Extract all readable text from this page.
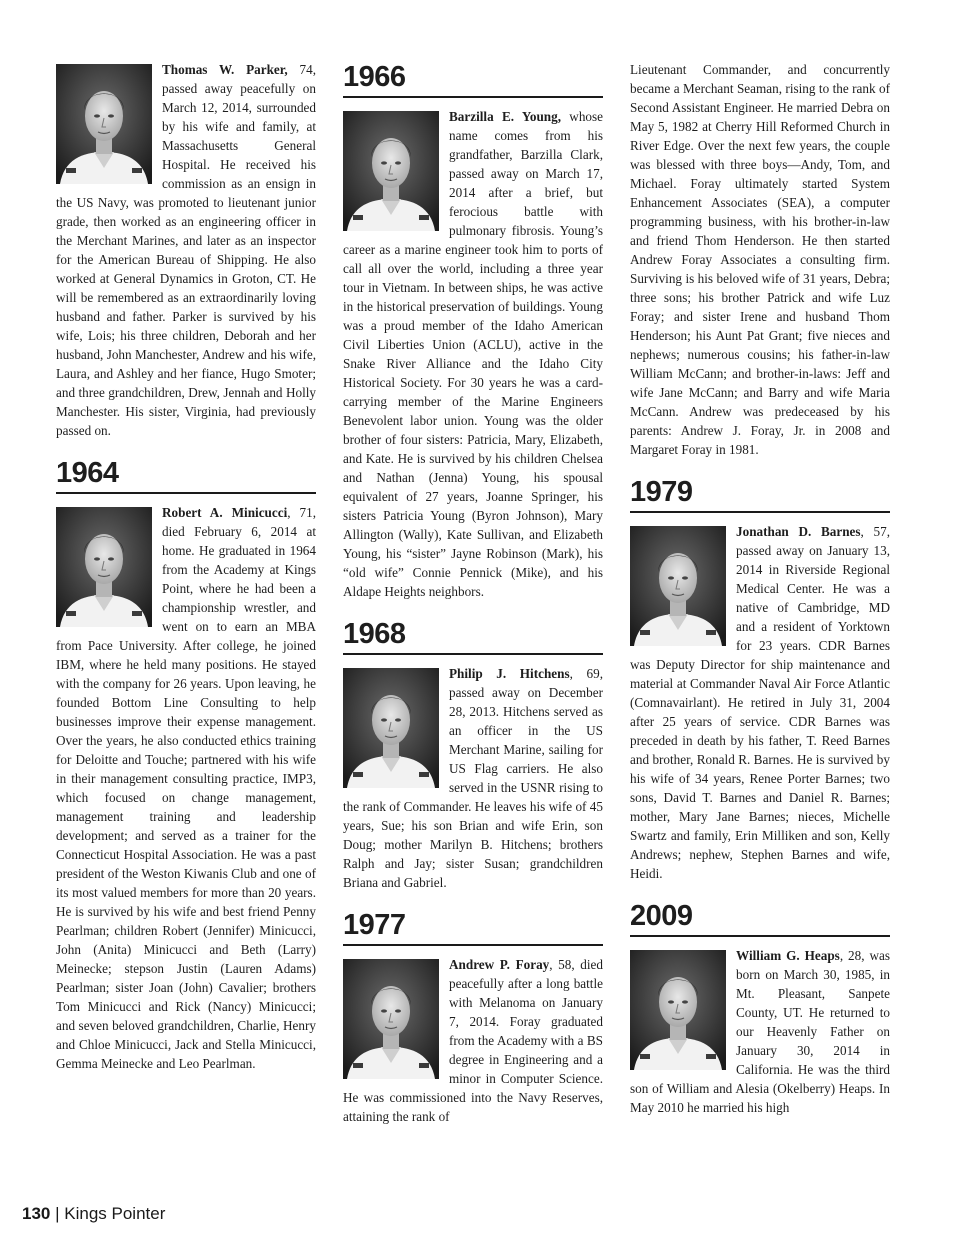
Thomas W. Parker, 74, passed away peacefully on March 12, 2014, surrounded by his wife and family, at Massachusetts General Hospital. He received his commission as an ensign in the US Navy, was promoted to lieutenant junior grade, then worked as an engineering officer in the Merchant Marines, and later as an inspector for the American Bureau of Shipping. He also worked at General Dynamics in Groton, CT. He will be remembered as an extraordinarily loving husband and father. Parker is survived by his wife, Lois; his three children, Deborah and her husband, John Manchester, Andrew and his wife, Laura, and Ashley and her fiance, Hugo Smoter; and three grandchildren, Drew, Jennah and Holly Manchester. His sister, Virginia, had previously passed on.

1964

Robert A. Minicucci, 71, died February 6, 2014 at home. He graduated in 1964 from the Academy at Kings Point, where he had been a championship wrestler, and went on to earn an MBA from Pace University. After college, he joined IBM, where he held many positions. He stayed with the company for 26 years. Upon leaving, he founded Bottom Line Consulting to help businesses improve their expense management. Over the years, he also conducted ethics training for Deloitte and Touche; partnered with his wife in their management consulting practice, IMP3, which focused on change management, management training and leadership development; and served as a trainer for the Connecticut Hospital Association. He was a past president of the Weston Kiwanis Club and one of its most valued members for more than 20 years. He is survived by his wife and best friend Penny Pearlman; children Robert (Jennifer) Minicucci, John (Anita) Minicucci and Beth (Larry) Meinecke; stepson Justin (Lauren Adams) Pearlman; sister Joan (John) Cavalier; brothers Tom Minicucci and Rick (Nancy) Minicucci; and seven beloved grandchildren, Charlie, Henry and Chloe Minicucci, Jack and Stella Minicucci, Gemma Meinecke and Leo Pearlman.

1966

Barzilla E. Young, whose name comes from his grandfather, Barzilla Clark, passed away on March 17, 2014 after a brief, but ferocious battle with pulmonary fibrosis. Young’s career as a marine engineer took him to ports of call all over the world, including a three year tour in Vietnam. In between ships, he was active in the historical preservation of buildings. Young was a proud member of the Idaho American Civil Liberties Union (ACLU), active in the Snake River Alliance and the Idaho City Historical Society. For 30 years he was a card-carrying member of the Marine Engineers Benevolent labor union. Young was the older brother of four sisters: Patricia, Mary, Elizabeth, and Kate. He is survived by his children Chelsea and Nathan (Jenna) Young, his spousal equivalent of 27 years, Joanne Springer, his sisters Patricia Young (Byron Johnson), Mary Allington (Wally), Kate Sullivan, and Elizabeth Young, his “sister” Jayne Robinson (Mark), his “old wife” Connie Pennick (Mike), and his Aldape Heights neighbors.

1968

Philip J. Hitchens, 69, passed away on December 28, 2013. Hitchens served as an officer in the US Merchant Marine, sailing for US Flag carriers. He also served in the USNR rising to the rank of Commander. He leaves his wife of 45 years, Sue; his son Brian and wife Erin, son Doug; mother Marilyn B. Hitchens; brothers Ralph and Jay; sister Susan; grandchildren Briana and Gabriel.

1977

Andrew P. Foray, 58, died peacefully after a long battle with Melanoma on January 7, 2014. Foray graduated from the Academy with a BS degree in Engineering and a minor in Computer Science. He was commissioned into the Navy Reserves, attaining the rank of

Lieutenant Commander, and concurrently became a Merchant Seaman, rising to the rank of Second Assistant Engineer. He married Debra on May 5, 1982 at Cherry Hill Reformed Church in River Edge. Over the next few years, the couple was blessed with three boys—Andy, Tom, and Michael. Foray ultimately started System Enhancement Associates (SEA), a computer programming business, with his brother-in-law and friend Thom Henderson. He then started Andrew Foray Associates a consulting firm. Surviving is his beloved wife of 31 years, Debra; three sons; his brother Patrick and wife Luz Foray; and sister Irene and husband Thom Henderson; his Aunt Pat Grant; five nieces and nephews; numerous cousins; his father-in-law William McCann; and brother-in-laws: Jeff and wife Jane McCann; and Barry and wife Maria McCann. Andrew was predeceased by his parents: Andrew J. Foray, Jr. in 2008 and Margaret Foray in 1981.

1979

Jonathan D. Barnes, 57, passed away on January 13, 2014 in Riverside Regional Medical Center. He was a native of Cambridge, MD and a resident of Yorktown for 23 years. CDR Barnes was Deputy Director for ship maintenance and material at Commander Naval Air Force Atlantic (Comnavairlant). He retired in July 31, 2004 after 25 years of service. CDR Barnes was preceded in death by his father, T. Reed Barnes and brother, Ronald R. Barnes. He is survived by his wife of 34 years, Renee Porter Barnes; two sons, David T. Barnes and Daniel R. Barnes; mother, Mary Jane Barnes; nieces, Michelle Swartz and family, Erin Milliken and son, Kelly Andrews; nephew, Stephen Barnes and wife, Heidi.

2009

William G. Heaps, 28, was born on March 30, 1985, in Mt. Pleasant, Sanpete County, UT. He returned to our Heavenly Father on January 30, 2014 in California. He was the third son of William and Alesia (Okelberry) Heaps. In May 2010 he married his high

130 | Kings Pointer
